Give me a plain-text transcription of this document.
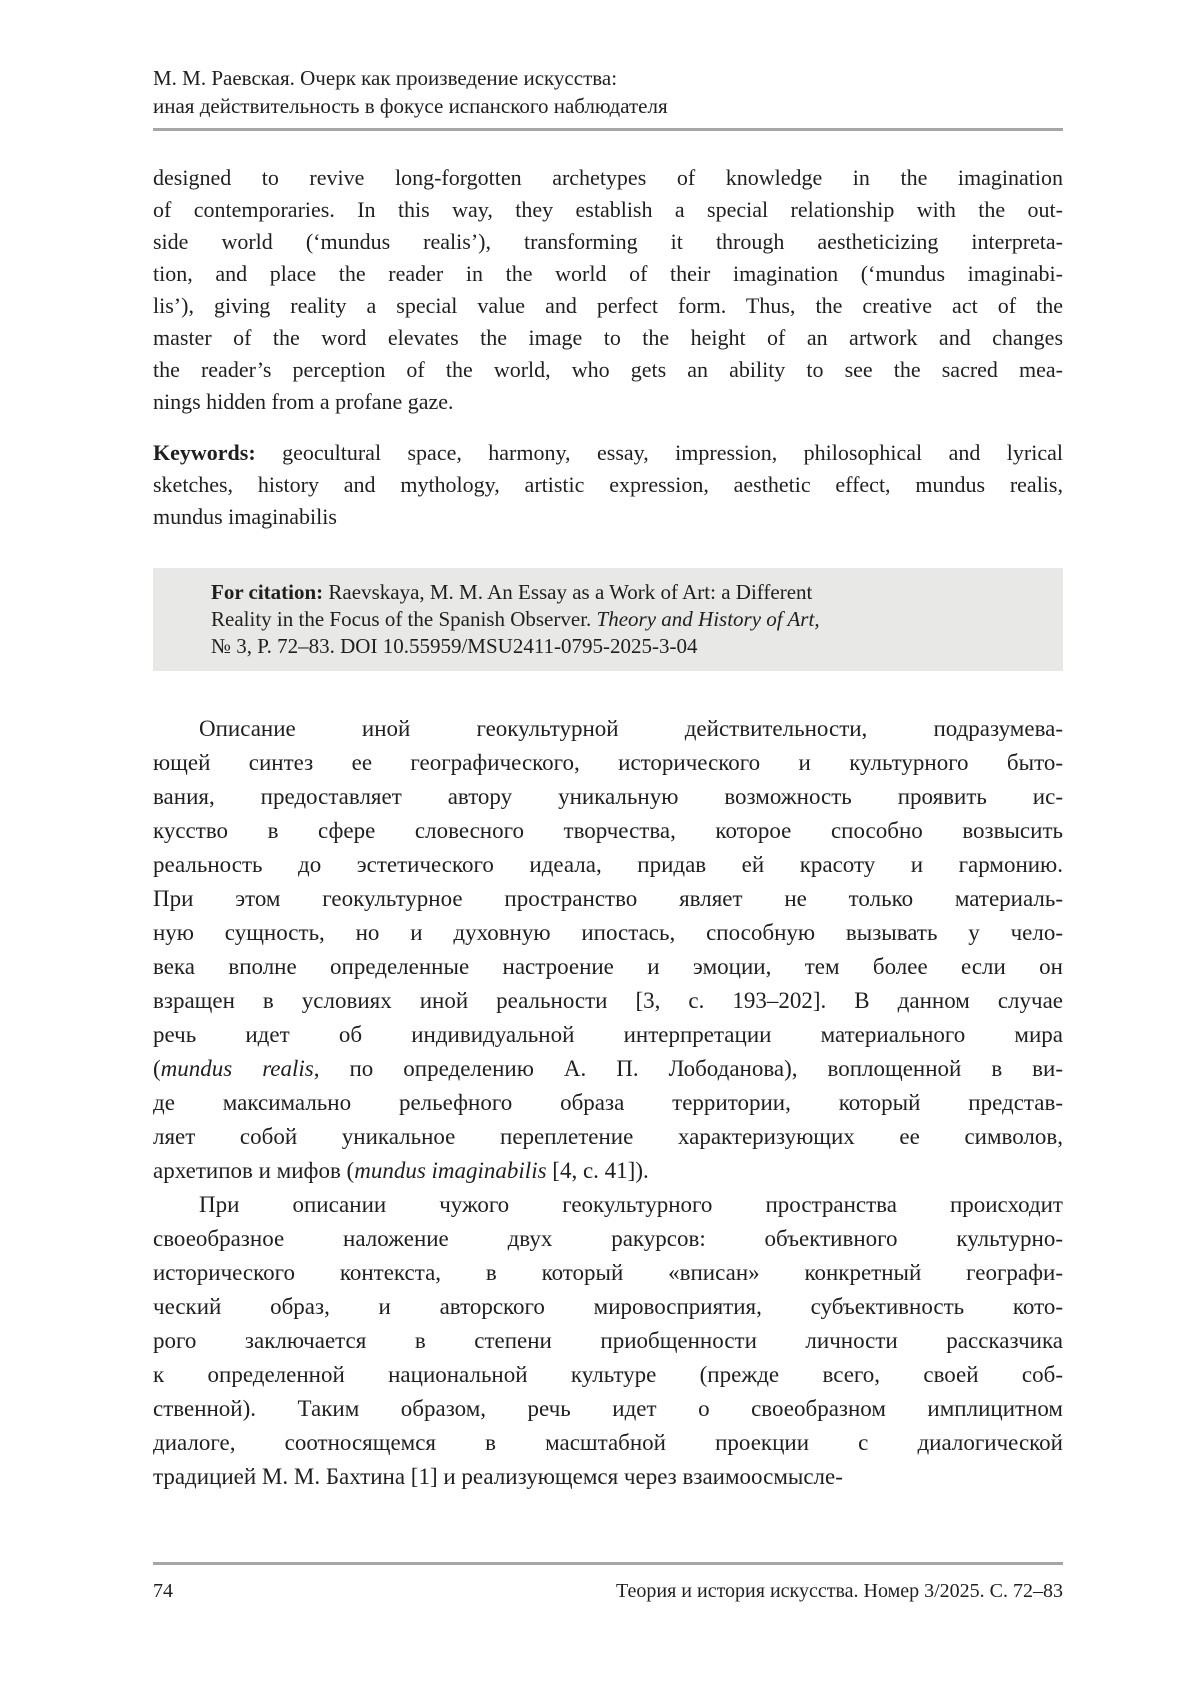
М. М. Раевская. Очерк как произведение искусства:
иная действительность в фокусе испанского наблюдателя
designed to revive long-forgotten archetypes of knowledge in the imagination
of contemporaries. In this way, they establish a special relationship with the out-
side world (‘mundus realis’), transforming it through aestheticizing interpreta-
tion, and place the reader in the world of their imagination (‘mundus imaginabi-
lis’), giving reality a special value and perfect form. Thus, the creative act of the
master of the word elevates the image to the height of an artwork and changes
the reader’s perception of the world, who gets an ability to see the sacred mea-
nings hidden from a profane gaze.
Keywords: geocultural space, harmony, essay, impression, philosophical and lyrical
sketches, history and mythology, artistic expression, aesthetic effect, mundus realis,
mundus imaginabilis
For citation: Raevskaya, M. M. An Essay as a Work of Art: a Different
Reality in the Focus of the Spanish Observer. Theory and History of Art,
№ 3, P. 72–83. DOI 10.55959/MSU2411-0795-2025-3-04
Описание иной геокультурной действительности, подразумева-
ющей синтез ее географического, исторического и культурного быто-
вания, предоставляет автору уникальную возможность проявить ис-
кусство в сфере словесного творчества, которое способно возвысить
реальность до эстетического идеала, придав ей красоту и гармонию.
При этом геокультурное пространство являет не только материаль-
ную сущность, но и духовную ипостась, способную вызывать у чело-
века вполне определенные настроение и эмоции, тем более если он
взращен в условиях иной реальности [3, с. 193–202]. В данном случае
речь идет об индивидуальной интерпретации материального мира
(mundus realis, по определению А. П. Лободанова), воплощенной в ви-
де максимально рельефного образа территории, который представ-
ляет собой уникальное переплетение характеризующих ее символов,
архетипов и мифов (mundus imaginabilis [4, с. 41]).
При описании чужого геокультурного пространства происходит
своеобразное наложение двух ракурсов: объективного культурно-
исторического контекста, в который «вписан» конкретный географи-
ческий образ, и авторского мировосприятия, субъективность кото-
рого заключается в степени приобщенности личности рассказчика
к определенной национальной культуре (прежде всего, своей соб-
ственной). Таким образом, речь идет о своеобразном имплицитном
диалоге, соотносящемся в масштабной проекции с диалогической
традицией М. М. Бахтина [1] и реализующемся через взаимоосмысле-
74	Теория и история искусства. Номер 3/2025. С. 72–83
